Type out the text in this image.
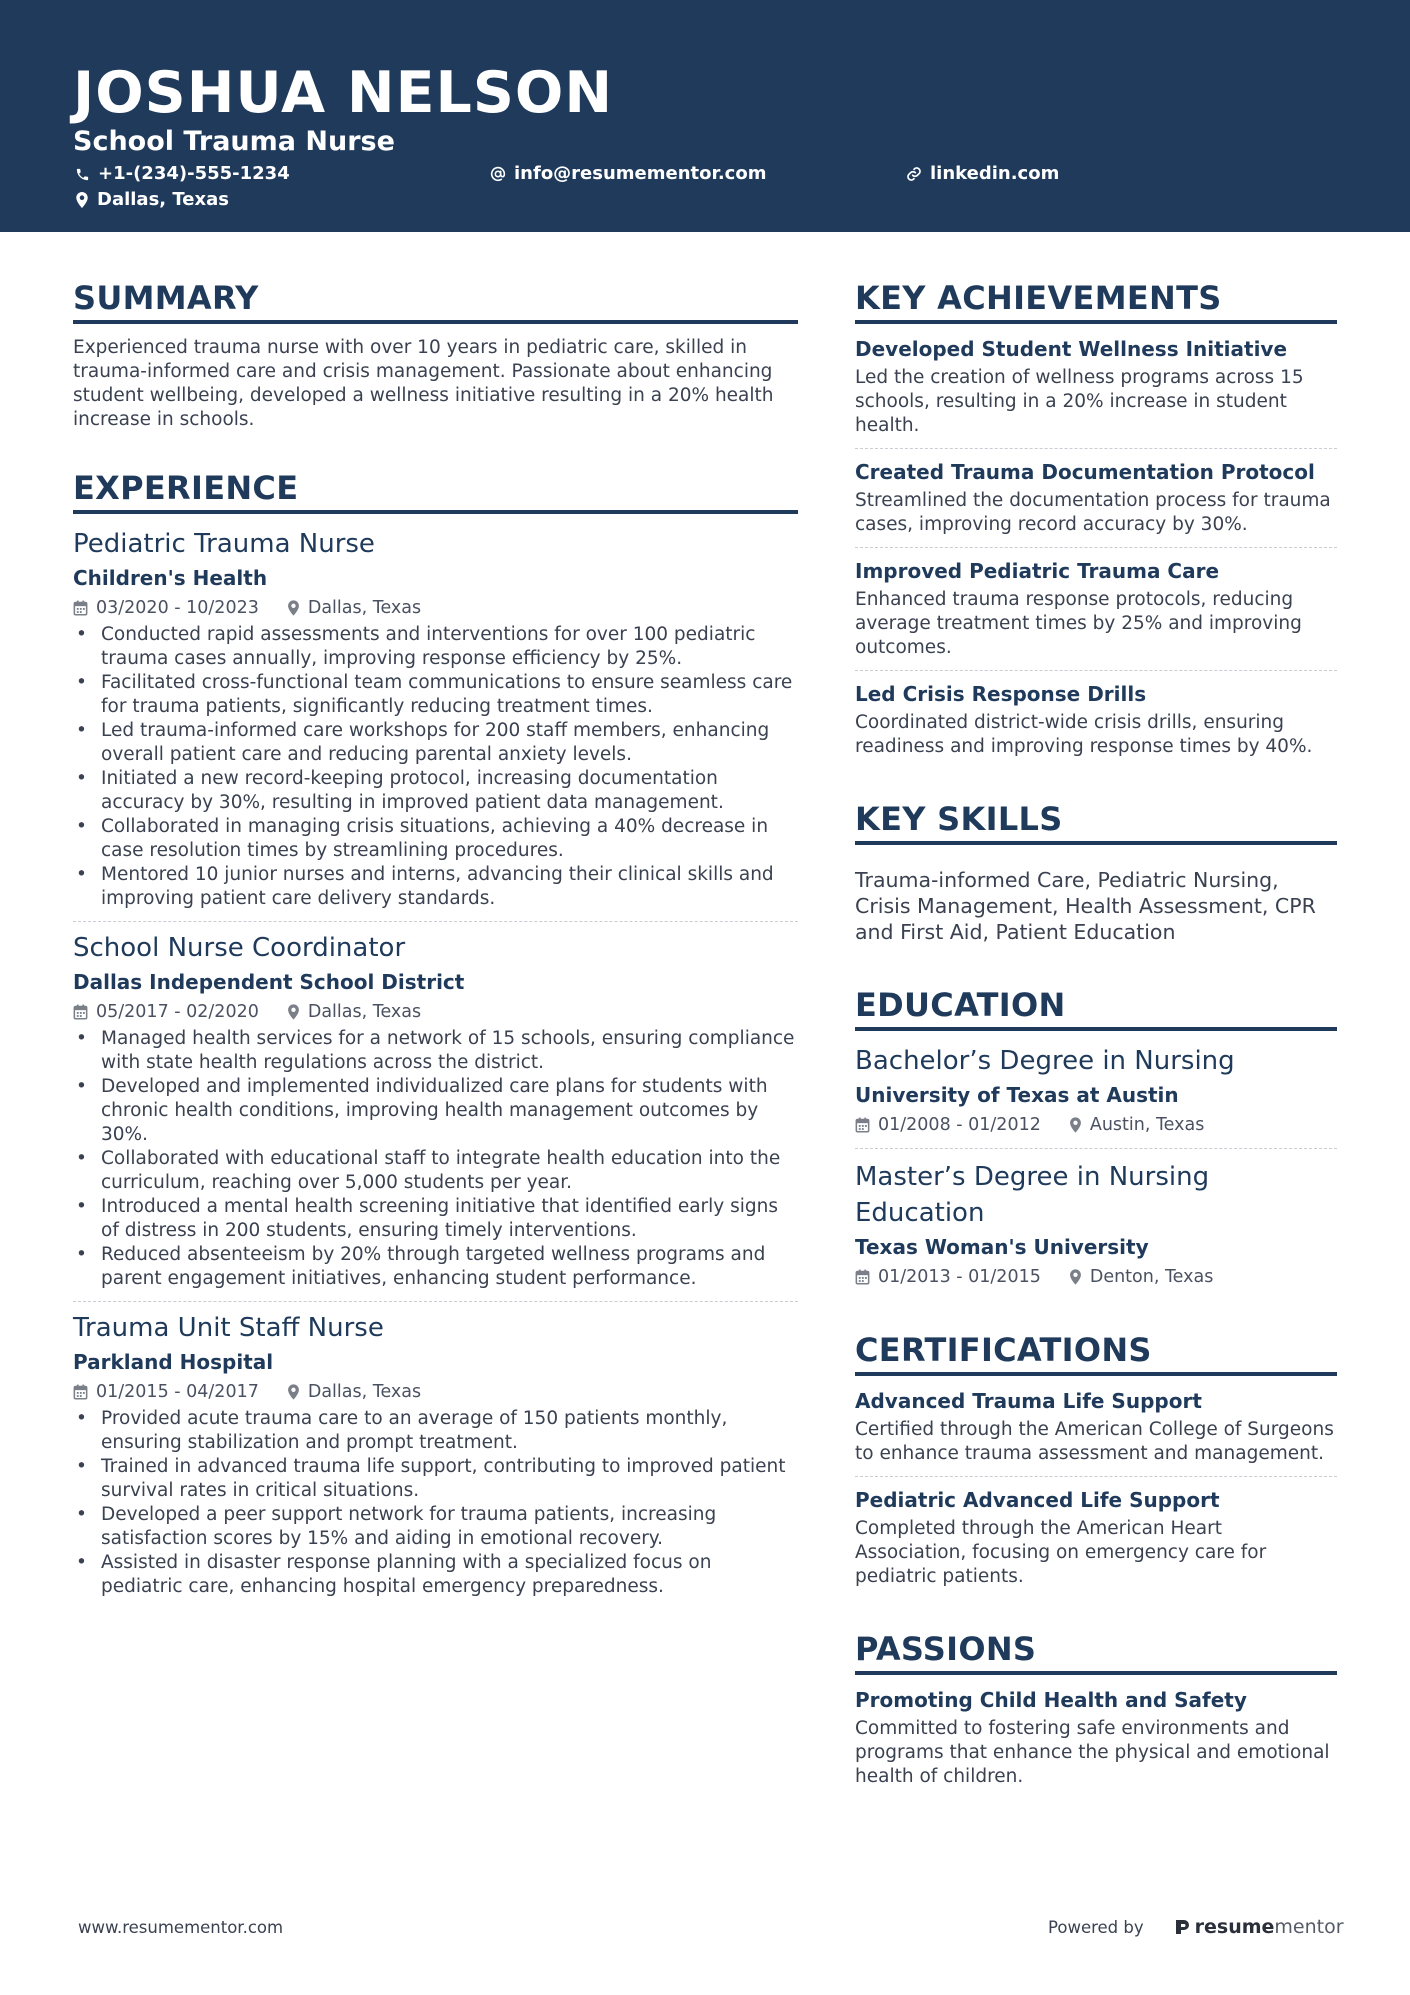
JOSHUA NELSON
School Trauma Nurse
+1-(234)-555-1234	info@resumementor.com	linkedin.com
Dallas, Texas
SUMMARY
Experienced trauma nurse with over 10 years in pediatric care, skilled in trauma-informed care and crisis management. Passionate about enhancing student wellbeing, developed a wellness initiative resulting in a 20% health increase in schools.
EXPERIENCE
Pediatric Trauma Nurse
Children's Health
03/2020 - 10/2023	Dallas, Texas
• Conducted rapid assessments and interventions for over 100 pediatric trauma cases annually, improving response efficiency by 25%.
• Facilitated cross-functional team communications to ensure seamless care for trauma patients, significantly reducing treatment times.
• Led trauma-informed care workshops for 200 staff members, enhancing overall patient care and reducing parental anxiety levels.
• Initiated a new record-keeping protocol, increasing documentation accuracy by 30%, resulting in improved patient data management.
• Collaborated in managing crisis situations, achieving a 40% decrease in case resolution times by streamlining procedures.
• Mentored 10 junior nurses and interns, advancing their clinical skills and improving patient care delivery standards.
School Nurse Coordinator
Dallas Independent School District
05/2017 - 02/2020	Dallas, Texas
• Managed health services for a network of 15 schools, ensuring compliance with state health regulations across the district.
• Developed and implemented individualized care plans for students with chronic health conditions, improving health management outcomes by 30%.
• Collaborated with educational staff to integrate health education into the curriculum, reaching over 5,000 students per year.
• Introduced a mental health screening initiative that identified early signs of distress in 200 students, ensuring timely interventions.
• Reduced absenteeism by 20% through targeted wellness programs and parent engagement initiatives, enhancing student performance.
Trauma Unit Staff Nurse
Parkland Hospital
01/2015 - 04/2017	Dallas, Texas
• Provided acute trauma care to an average of 150 patients monthly, ensuring stabilization and prompt treatment.
• Trained in advanced trauma life support, contributing to improved patient survival rates in critical situations.
• Developed a peer support network for trauma patients, increasing satisfaction scores by 15% and aiding in emotional recovery.
• Assisted in disaster response planning with a specialized focus on pediatric care, enhancing hospital emergency preparedness.
KEY ACHIEVEMENTS
Developed Student Wellness Initiative
Led the creation of wellness programs across 15 schools, resulting in a 20% increase in student health.
Created Trauma Documentation Protocol
Streamlined the documentation process for trauma cases, improving record accuracy by 30%.
Improved Pediatric Trauma Care
Enhanced trauma response protocols, reducing average treatment times by 25% and improving outcomes.
Led Crisis Response Drills
Coordinated district-wide crisis drills, ensuring readiness and improving response times by 40%.
KEY SKILLS
Trauma-informed Care, Pediatric Nursing, Crisis Management, Health Assessment, CPR and First Aid, Patient Education
EDUCATION
Bachelor’s Degree in Nursing
University of Texas at Austin
01/2008 - 01/2012	Austin, Texas
Master’s Degree in Nursing Education
Texas Woman's University
01/2013 - 01/2015	Denton, Texas
CERTIFICATIONS
Advanced Trauma Life Support
Certified through the American College of Surgeons to enhance trauma assessment and management.
Pediatric Advanced Life Support
Completed through the American Heart Association, focusing on emergency care for pediatric patients.
PASSIONS
Promoting Child Health and Safety
Committed to fostering safe environments and programs that enhance the physical and emotional health of children.
www.resumementor.com	Powered by	resume mentor
